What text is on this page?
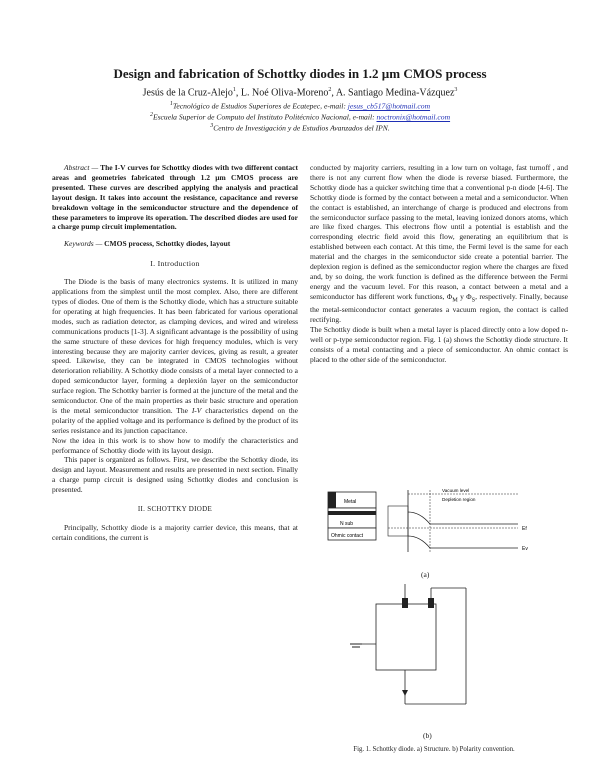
Design and fabrication of Schottky diodes in 1.2 µm CMOS process
Jesús de la Cruz-Alejo$^1$, L. Noé Oliva-Moreno$^2$, A. Santiago Medina-Vázquez$^3$
$^1$Tecnológico de Estudios Superiores de Ecatepec, e-mail: jesus_cb517@hotmail.com
$^2$Escuela Superior de Computo del Instituto Politécnico Nacional, e-mail: noctronix@hotmail.com
$^3$Centro de Investigación y de Estudios Avanzados del IPN.

Abstract — The I-V curves for Schottky diodes with two different contact areas and geometries fabricated through 1.2 µm CMOS process are presented. These curves are described applying the analysis and practical layout design. It takes into account the resistance, capacitance and reverse breakdown voltage in the semiconductor structure and the dependence of these parameters to improve its operation. The described diodes are used for a charge pump circuit implementation.

Keywords — CMOS process, Schottky diodes, layout

I. Introduction

The Diode is the basis of many electronics systems. It is utilized in many applications from the simplest until the most complex. Also, there are different types of diodes. One of them is the Schottky diode, which has a structure suitable for operating at high frequencies. It has been fabricated for various operational modes, such as radiation detector, as clamping devices, and wired and wireless communications products [1-3]. A significant advantage is the possibility of using the same structure of these devices for high frequency modules, which is very interesting because they are majority carrier devices, giving as result, a greater speed. Likewise, they can be integrated in CMOS technologies without deterioration reliability. A Schottky diode consists of a metal layer connected to a doped semiconductor layer, forming a deplexión layer on the semiconductor surface region. The Schottky barrier is formed at the juncture of the metal and the semiconductor. One of the main properties as their basic structure and operation is the metal semiconductor transition. The I-V characteristics depend on the polarity of the applied voltage and its performance is defined by the product of its series resistance and its junction capacitance.

Now the idea in this work is to show how to modify the characteristics and performance of Schottky diode with its layout design.

This paper is organized as follows. First, we describe the Schottky diode, its design and layout. Measurement and results are presented in next section. Finally a charge pump circuit is designed using Schottky diodes and conclusion is presented.

II. SCHOTTKY DIODE

Principally, Schottky diode is a majority carrier device, this means, that at certain conditions, the current is

conducted by majority carriers, resulting in a low turn on voltage, fast turnoff , and there is not any current flow when the diode is reverse biased. Furthermore, the Schottky diode has a quicker switching time that a conventional p-n diode [4-6]. The Schottky diode is formed by the contact between a metal and a semiconductor. When the contact is established, an interchange of charge is produced and electrons from the semiconductor surface passing to the metal, leaving ionized donors atoms, which are like fixed charges. This electrons flow until a potential is establish and the corresponding electric field avoid this flow, generating an equilibrium that is established between each contact. At this time, the Fermi level is the same for each material and the charges in the semiconductor side create a potential barrier. The deplexion region is defined as the semiconductor region where the charges are fixed and, by so doing, the work function is defined as the difference between the Fermi energy and the vacuum level. For this reason, a contact between a metal and a semiconductor has different work functions, $\Phi_M$ y $\Phi_S$, respectively. Finally, because the metal-semiconductor contact generates a vacuum region, the contact is called rectifying.

The Schottky diode is built when a metal layer is placed directly onto a low doped n-well or p-type semiconductor region. Fig. 1 (a) shows the Schottky diode structure. It consists of a metal contacting and a piece of semiconductor. An ohmic contact is placed to the other side of the semiconductor.

Metal
N sub
Ohmic contact
Vacuum level
Depletion region
Ef
Ev
(a)
(b)
Fig. 1. Schottky diode. a) Structure. b) Polarity convention.
